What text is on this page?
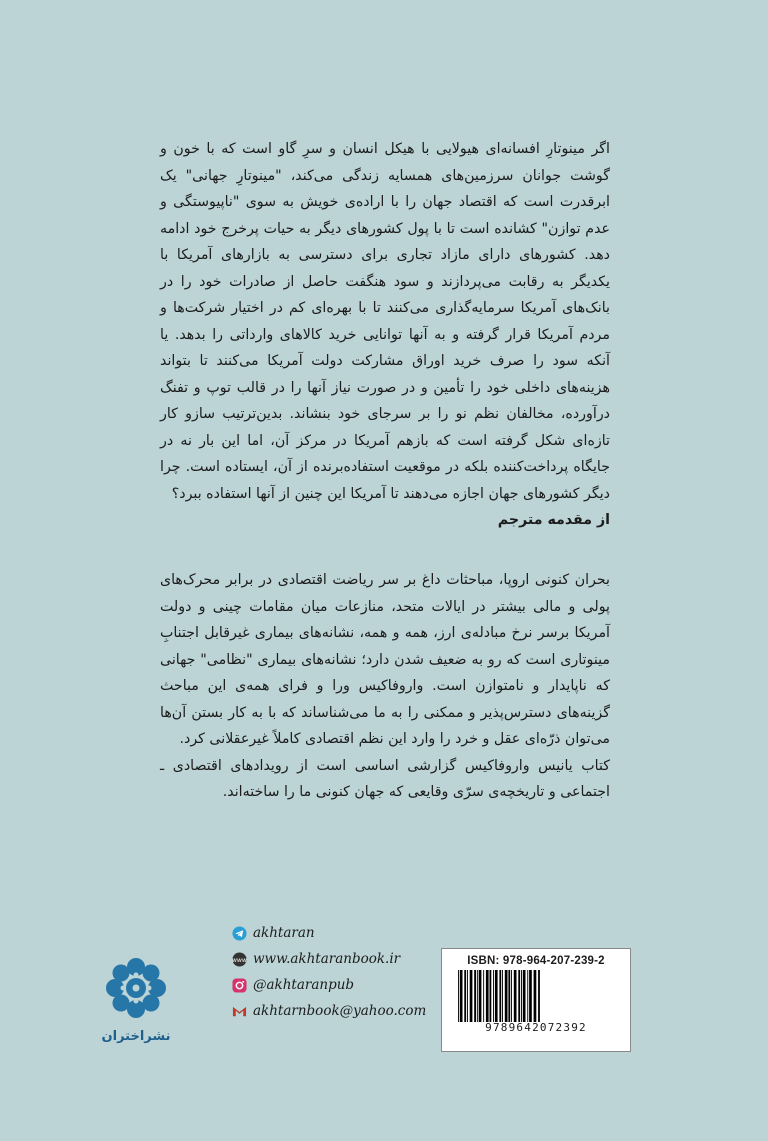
اگر مینوتارِ افسانه‌ای هیولایی با هیکل انسان و سرِ گاو است که با خون و گوشت جوانان سرزمین‌های همسایه زندگی می‌کند، "مینوتارِ جهانی" یک ابرقدرت است که اقتصاد جهان را با اراده‌ی خویش به سوی "ناپیوستگی و عدم توازن" کشانده است تا با پول کشورهای دیگر به حیات پرخرج خود ادامه دهد. کشورهای دارای مازاد تجاری برای دسترسی به بازارهای آمریکا با یکدیگر به رقابت می‌پردازند و سود هنگفت حاصل از صادرات خود را در بانک‌های آمریکا سرمایه‌گذاری می‌کنند تا با بهره‌ای کم در اختیار شرکت‌ها و مردم آمریکا قرار گرفته و به آنها توانایی خرید کالاهای وارداتی را بدهد. یا آنکه سود را صرف خرید اوراق مشارکت دولت آمریکا می‌کنند تا بتواند هزینه‌های داخلی خود را تأمین و در صورت نیاز آنها را در قالب توپ و تفنگ درآورده، مخالفان نظم نو را بر سرجای خود بنشاند. بدین‌ترتیب سازو کار تازه‌ای شکل گرفته است که بازهم آمریکا در مرکز آن، اما این بار نه در جایگاه پرداخت‌کننده بلکه در موقعیت استفاده‌برنده از آن، ایستاده است. چرا دیگر کشورهای جهان اجازه می‌دهند تا آمریکا این چنین از آنها استفاده ببرد؟
از مقدمه مترجم
بحران کنونی اروپا، مباحثات داغ بر سر ریاضت اقتصادی در برابر محرک‌های پولی و مالی بیشتر در ایالات متحد، منازعات میان مقامات چینی و دولت آمریکا برسر نرخ مبادله‌ی ارز، همه و همه، نشانه‌های بیماری غیرقابل اجتنابِ مینوتاری است که رو به ضعیف شدن دارد؛ نشانه‌های بیماری "نظامی" جهانی که ناپایدار و نامتوازن است. واروفاکیس ورا و فرای همه‌ی این مباحث گزینه‌های دسترس‌پذیر و ممکنی را به ما می‌شناساند که با به کار بستن آن‌ها می‌توان ذرّه‌ای عقل و خرد را وارد این نظم اقتصادی کاملاً غیرعقلانی کرد.
کتاب یانیس واروفاکیس گزارشی اساسی است از رویدادهای اقتصادی ـ اجتماعی و تاریخچه‌ی سرّی وقایعی که جهان کنونی ما را ساخته‌اند.
akhtaran
www www.akhtaranbook.ir
@akhtaranpub
akhtarnbook@yahoo.com
نشراختران
ISBN: 978-964-207-239-2
9789642072392
